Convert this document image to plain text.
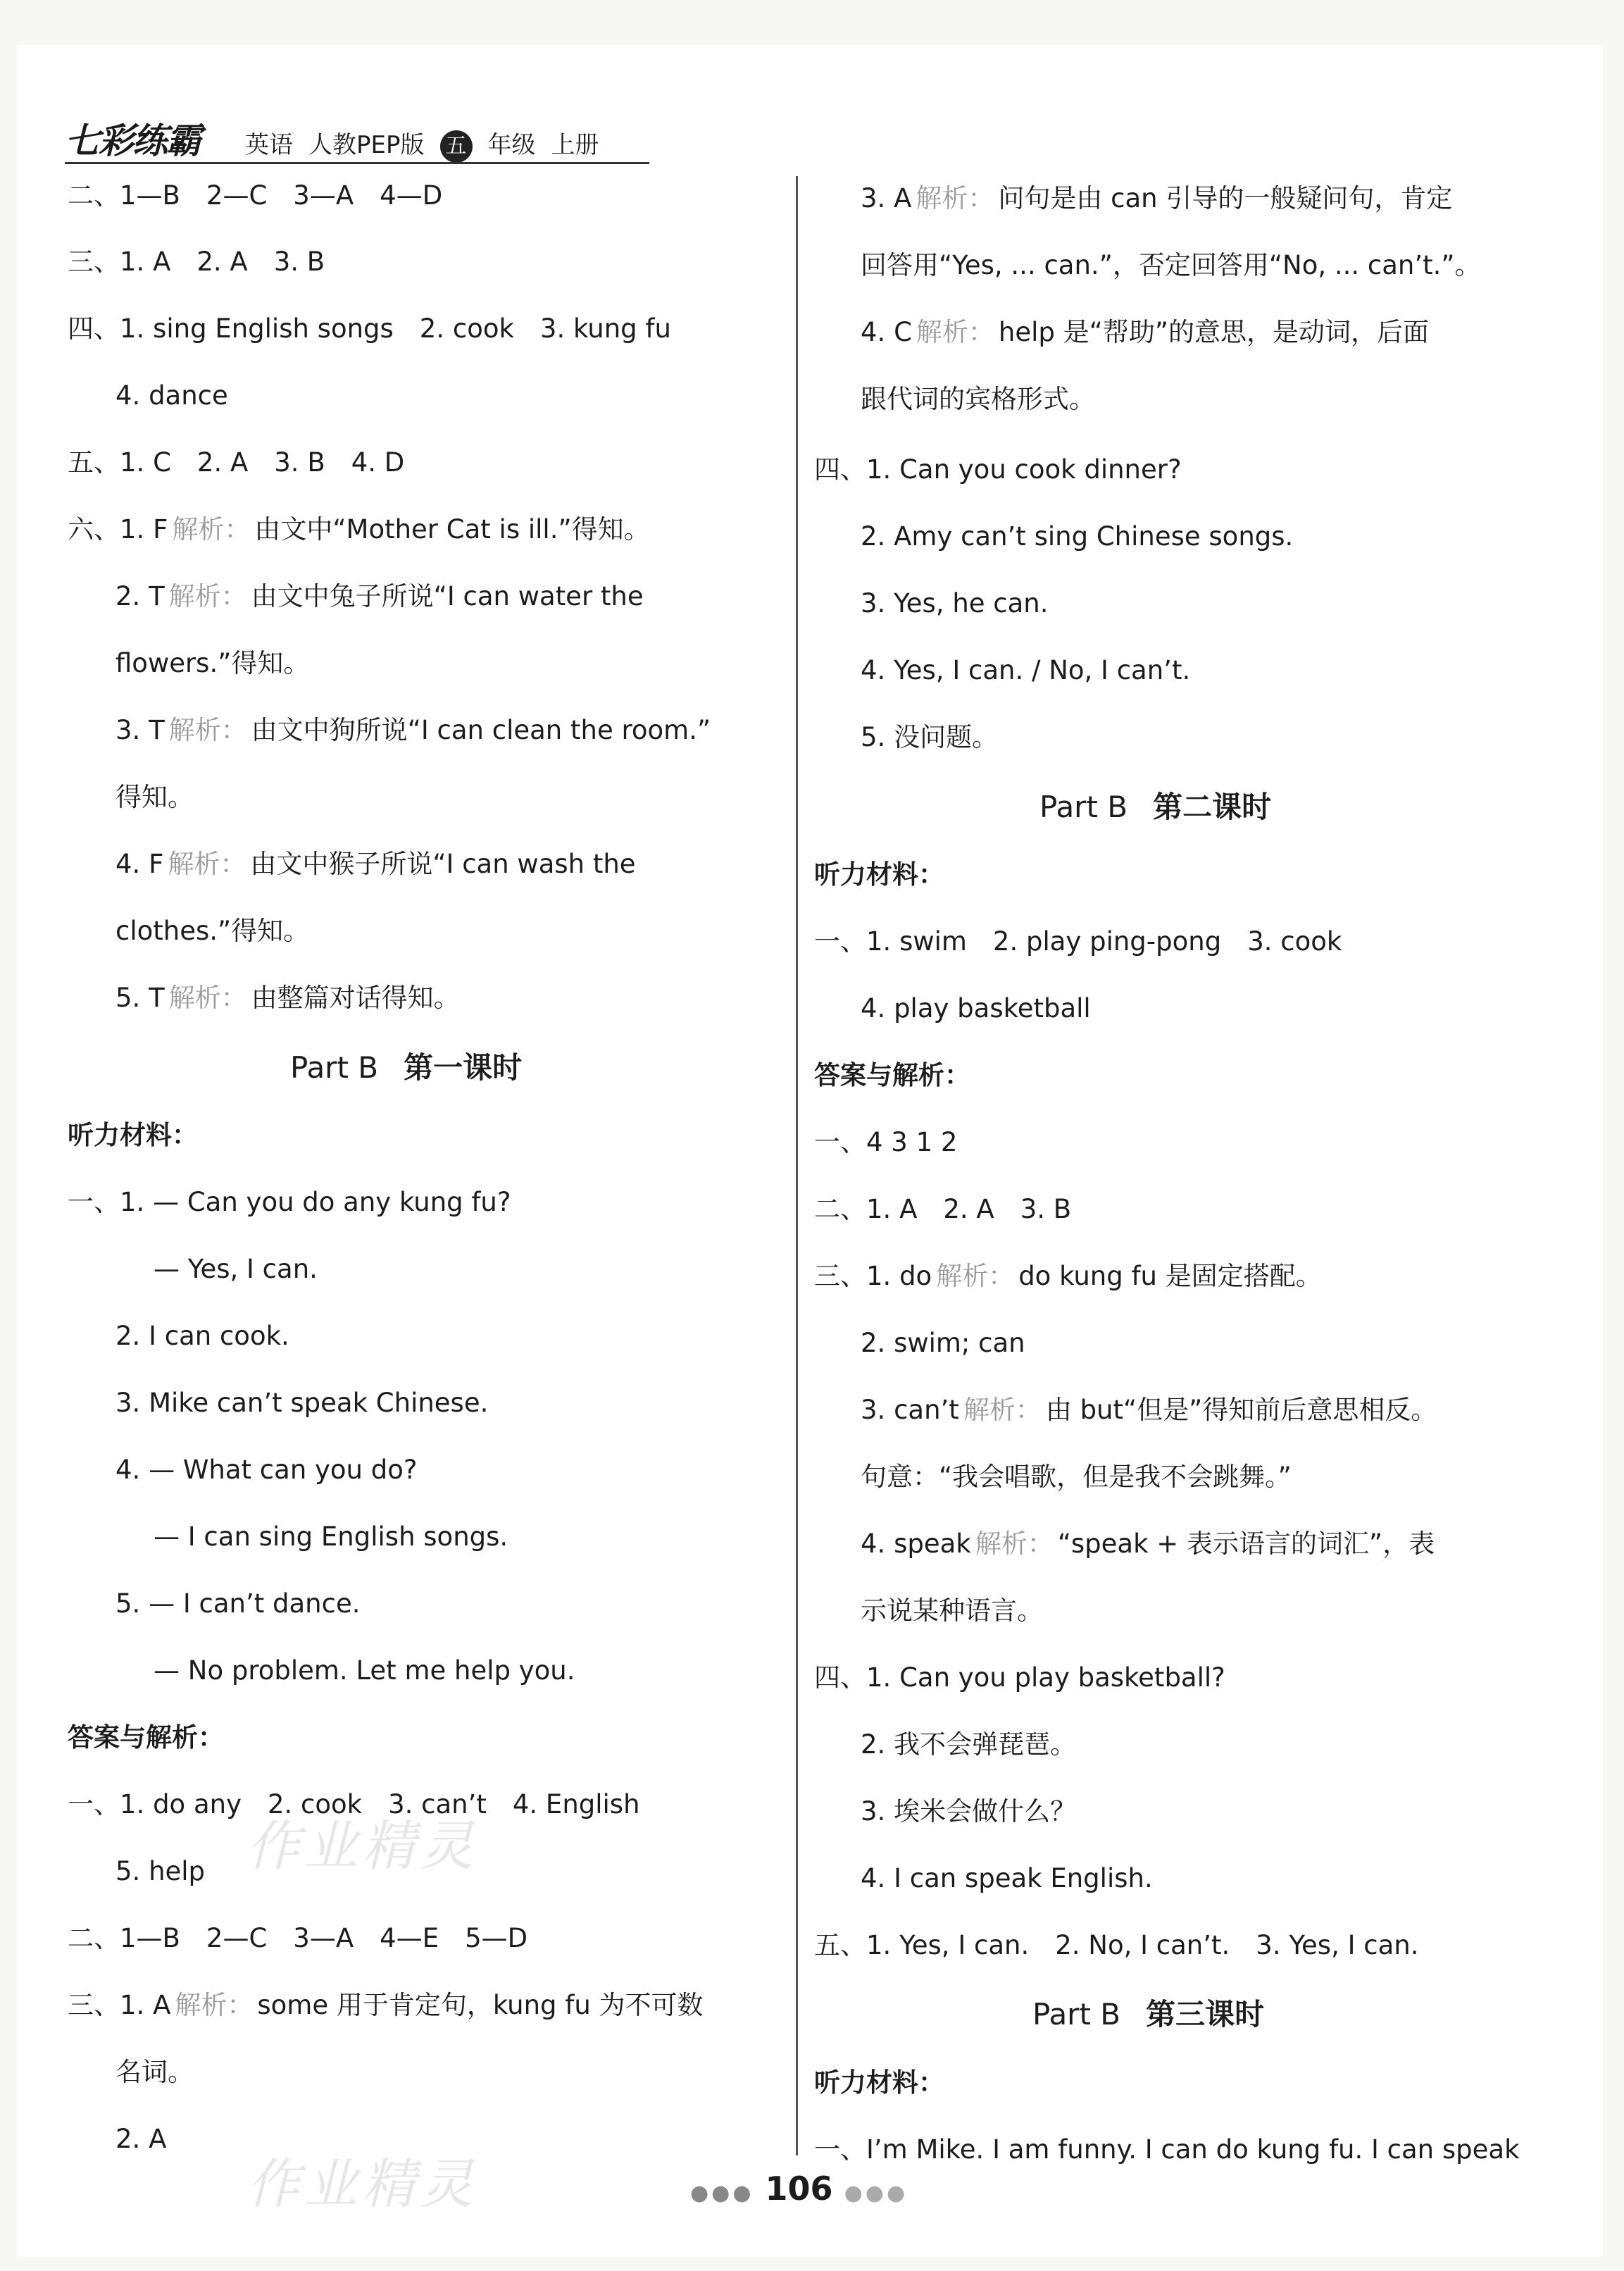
七彩练霸 英语 人教PEP版 五 年级 上册
作业精灵
作业精灵
二、1—B　2—C　3—A　4—D
三、1. A　2. A　3. B
四、1. sing English songs　2. cook　3. kung fu
4. dance
五、1. C　2. A　3. B　4. D
六、1. F 解析： 由文中“Mother Cat is ill.”得知。
2. T 解析： 由文中兔子所说“I can water the
flowers.”得知。
3. T 解析： 由文中狗所说“I can clean the room.”
得知。
4. F 解析： 由文中猴子所说“I can wash the
clothes.”得知。
5. T 解析： 由整篇对话得知。
Part B 第一课时
听力材料：
一、1. — Can you do any kung fu?
— Yes, I can.
2. I can cook.
3. Mike can’t speak Chinese.
4. — What can you do?
— I can sing English songs.
5. — I can’t dance.
— No problem. Let me help you.
答案与解析：
一、1. do any　2. cook　3. can’t　4. English
5. help
二、1—B　2—C　3—A　4—E　5—D
三、1. A 解析： some 用于肯定句，kung fu 为不可数
名词。
2. A
3. A 解析： 问句是由 can 引导的一般疑问句，肯定
回答用“Yes, ... can.”，否定回答用“No, ... can’t.”。
4. C 解析： help 是“帮助”的意思，是动词，后面
跟代词的宾格形式。
四、1. Can you cook dinner?
2. Amy can’t sing Chinese songs.
3. Yes, he can.
4. Yes, I can. / No, I can’t.
5. 没问题。
Part B 第二课时
听力材料：
一、1. swim　2. play ping-pong　3. cook
4. play basketball
答案与解析：
一、4 3 1 2
二、1. A　2. A　3. B
三、1. do 解析： do kung fu 是固定搭配。
2. swim; can
3. can’t 解析： 由 but“但是”得知前后意思相反。
句意：“我会唱歌，但是我不会跳舞。”
4. speak 解析： “speak + 表示语言的词汇”，表
示说某种语言。
四、1. Can you play basketball?
2. 我不会弹琵琶。
3. 埃米会做什么？
4. I can speak English.
五、1. Yes, I can.　2. No, I can’t.　3. Yes, I can.
Part B 第三课时
听力材料：
一、I’m Mike. I am funny. I can do kung fu. I can speak
●●● 106 ●●●
